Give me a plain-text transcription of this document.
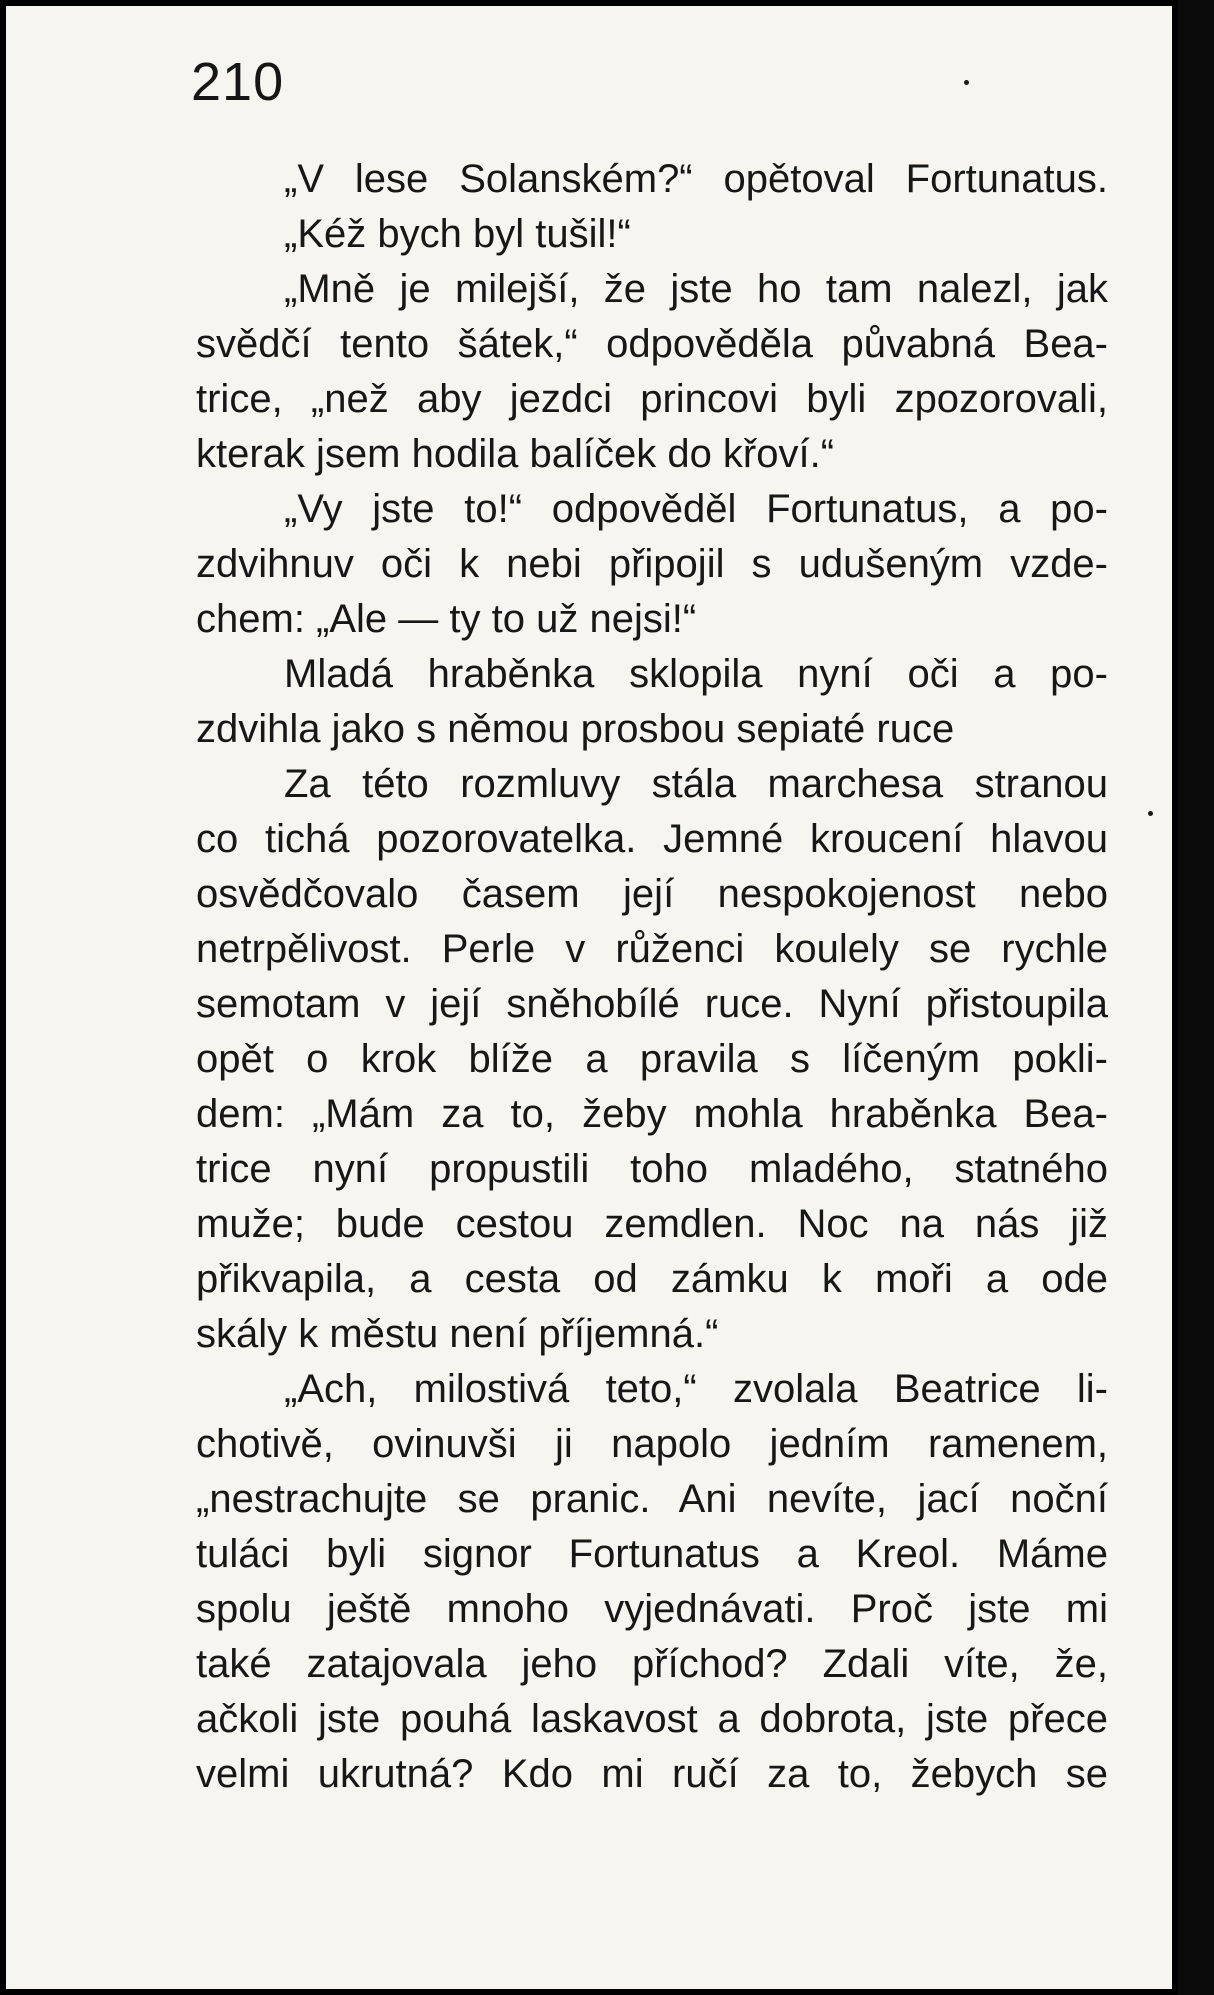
210

„V lese Solanském?“ opětoval Fortunatus.

„Kéž bych byl tušil!“

„Mně je milejší, že jste ho tam nalezl, jak

svědčí tento šátek,“ odpověděla půvabná Bea-

trice, „než aby jezdci princovi byli zpozorovali,

kterak jsem hodila balíček do křoví.“

„Vy jste to!“ odpověděl Fortunatus, a po-

zdvihnuv oči k nebi připojil s udušeným vzde-

chem: „Ale — ty to už nejsi!“

Mladá hraběnka sklopila nyní oči a po-

zdvihla jako s němou prosbou sepiaté ruce

Za této rozmluvy stála marchesa stranou

co tichá pozorovatelka. Jemné kroucení hlavou

osvědčovalo časem její nespokojenost nebo

netrpělivost. Perle v růženci koulely se rychle

semotam v její sněhobílé ruce. Nyní přistoupila

opět o krok blíže a pravila s líčeným pokli-

dem: „Mám za to, žeby mohla hraběnka Bea-

trice nyní propustili toho mladého, statného

muže; bude cestou zemdlen. Noc na nás již

přikvapila, a cesta od zámku k moři a ode

skály k městu není příjemná.“

„Ach, milostivá teto,“ zvolala Beatrice li-

chotivě, ovinuvši ji napolo jedním ramenem,

„nestrachujte se pranic. Ani nevíte, jací noční

tuláci byli signor Fortunatus a Kreol. Máme

spolu ještě mnoho vyjednávati. Proč jste mi

také zatajovala jeho příchod? Zdali víte, že,

ačkoli jste pouhá laskavost a dobrota, jste přece

velmi ukrutná? Kdo mi ručí za to, žebych se
